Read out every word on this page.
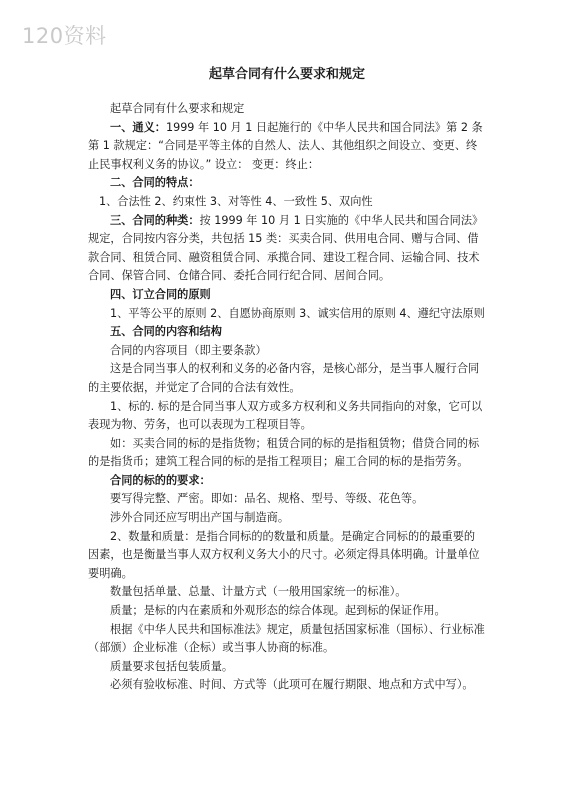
120资料
起草合同有什么要求和规定

起草合同有什么要求和规定

一、通义：1999 年 10 月 1 日起施行的《中华人民共和国合同法》第 2 条第 1 款规定：“合同是平等主体的自然人、法人、其他组织之间设立、变更、终止民事权利义务的协议。” 设立： 变更：终止：

二、合同的特点：

1、合法性 2、约束性 3、对等性 4、一致性 5、双向性

三、合同的种类：按 1999 年 10 月 1 日实施的《中华人民共和国合同法》规定，合同按内容分类，共包括 15 类：买卖合同、供用电合同、赠与合同、借款合同、租赁合同、融资租赁合同、承揽合同、建设工程合同、运输合同、技术合同、保管合同、仓储合同、委托合同行纪合同、居间合同。

四、订立合同的原则

1、平等公平的原则 2、自愿协商原则 3、诚实信用的原则 4、遵纪守法原则

五、合同的内容和结构

合同的内容项目（即主要条款）

这是合同当事人的权利和义务的必备内容，是核心部分，是当事人履行合同的主要依据，并觉定了合同的合法有效性。

1、标的. 标的是合同当事人双方或多方权利和义务共同指向的对象，它可以表现为物、劳务，也可以表现为工程项目等。

如：买卖合同的标的是指货物；租赁合同的标的是指租赁物；借贷合同的标的是指货币；建筑工程合同的标的是指工程项目；雇工合同的标的是指劳务。

合同的标的的要求：

要写得完整、严密。即如：品名、规格、型号、等级、花色等。

涉外合同还应写明出产国与制造商。

2、数量和质量：是指合同标的的数量和质量。是确定合同标的的最重要的因素，也是衡量当事人双方权利义务大小的尺寸。必须定得具体明确。计量单位要明确。

数量包括单量、总量、计量方式（一般用国家统一的标准）。

质量；是标的内在素质和外观形态的综合体现。起到标的保证作用。

根据《中华人民共和国标准法》规定，质量包括国家标准（国标）、行业标准（部颁）企业标准（企标）或当事人协商的标准。

质量要求包括包装质量。

必须有验收标准、时间、方式等（此项可在履行期限、地点和方式中写）。
